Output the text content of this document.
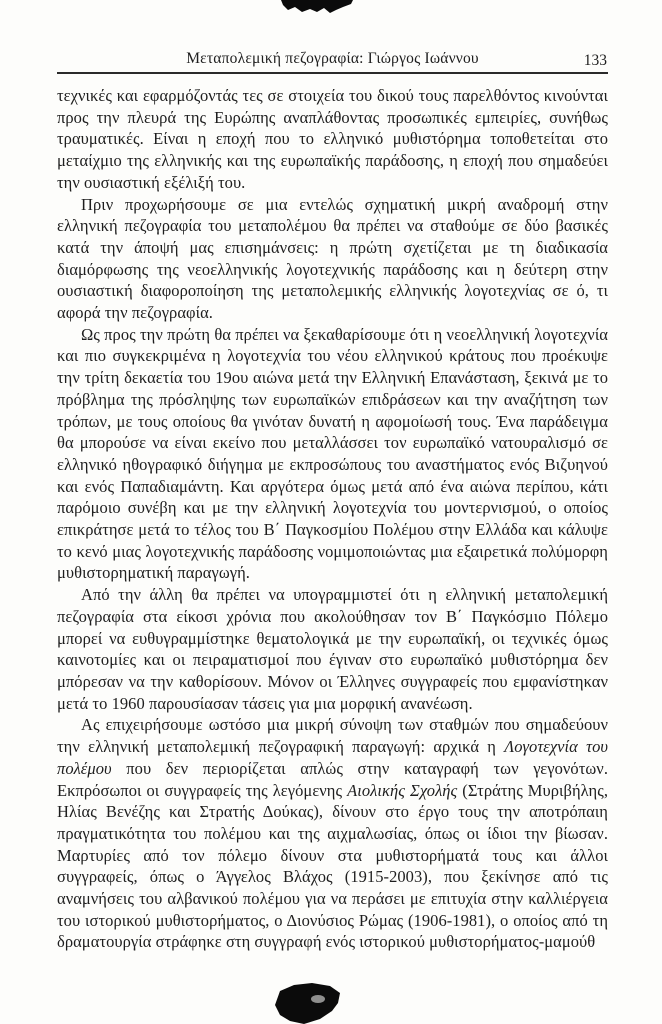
Μεταπολεμική πεζογραφία: Γιώργος Ιωάννου	133

τεχνικές και εφαρμόζοντάς τες σε στοιχεία του δικού τους παρελθόντος κινούνται προς την πλευρά της Ευρώπης αναπλάθοντας προσωπικές εμπειρίες, συνήθως τραυματικές. Είναι η εποχή που το ελληνικό μυθιστόρημα τοποθετείται στο μεταίχμιο της ελληνικής και της ευρωπαϊκής παράδοσης, η εποχή που σημαδεύει την ουσιαστική εξέλιξή του.

Πριν προχωρήσουμε σε μια εντελώς σχηματική μικρή αναδρομή στην ελληνική πεζογραφία του μεταπολέμου θα πρέπει να σταθούμε σε δύο βασικές κατά την άποψή μας επισημάνσεις: η πρώτη σχετίζεται με τη διαδικασία διαμόρφωσης της νεοελληνικής λογοτεχνικής παράδοσης και η δεύτερη στην ουσιαστική διαφοροποίηση της μεταπολεμικής ελληνικής λογοτεχνίας σε ό, τι αφορά την πεζογραφία.

Ως προς την πρώτη θα πρέπει να ξεκαθαρίσουμε ότι η νεοελληνική λογοτεχνία και πιο συγκεκριμένα η λογοτεχνία του νέου ελληνικού κράτους που προέκυψε την τρίτη δεκαετία του 19ου αιώνα μετά την Ελληνική Επανάσταση, ξεκινά με το πρόβλημα της πρόσληψης των ευρωπαϊκών επιδράσεων και την αναζήτηση των τρόπων, με τους οποίους θα γινόταν δυνατή η αφομοίωσή τους. Ένα παράδειγμα θα μπορούσε να είναι εκείνο που μεταλλάσσει τον ευρωπαϊκό νατουραλισμό σε ελληνικό ηθογραφικό διήγημα με εκπροσώπους του αναστήματος ενός Βιζυηνού και ενός Παπαδιαμάντη. Και αργότερα όμως μετά από ένα αιώνα περίπου, κάτι παρόμοιο συνέβη και με την ελληνική λογοτεχνία του μοντερνισμού, ο οποίος επικράτησε μετά το τέλος του Β΄ Παγκοσμίου Πολέμου στην Ελλάδα και κάλυψε το κενό μιας λογοτεχνικής παράδοσης νομιμοποιώντας μια εξαιρετικά πολύμορφη μυθιστορηματική παραγωγή.

Από την άλλη θα πρέπει να υπογραμμιστεί ότι η ελληνική μεταπολεμική πεζογραφία στα είκοσι χρόνια που ακολούθησαν τον Β΄ Παγκόσμιο Πόλεμο μπορεί να ευθυγραμμίστηκε θεματολογικά με την ευρωπαϊκή, οι τεχνικές όμως καινοτομίες και οι πειραματισμοί που έγιναν στο ευρωπαϊκό μυθιστόρημα δεν μπόρεσαν να την καθορίσουν. Μόνον οι Έλληνες συγγραφείς που εμφανίστηκαν μετά το 1960 παρουσίασαν τάσεις για μια μορφική ανανέωση.

Ας επιχειρήσουμε ωστόσο μια μικρή σύνοψη των σταθμών που σημαδεύουν την ελληνική μεταπολεμική πεζογραφική παραγωγή: αρχικά η Λογοτεχνία του πολέμου που δεν περιορίζεται απλώς στην καταγραφή των γεγονότων. Εκπρόσωποι οι συγγραφείς της λεγόμενης Αιολικής Σχολής (Στράτης Μυριβήλης, Ηλίας Βενέζης και Στρατής Δούκας), δίνουν στο έργο τους την αποτρόπαιη πραγματικότητα του πολέμου και της αιχμαλωσίας, όπως οι ίδιοι την βίωσαν. Μαρτυρίες από τον πόλεμο δίνουν στα μυθιστορήματά τους και άλλοι συγγραφείς, όπως ο Άγγελος Βλάχος (1915-2003), που ξεκίνησε από τις αναμνήσεις του αλβανικού πολέμου για να περάσει με επιτυχία στην καλλιέργεια του ιστορικού μυθιστορήματος, ο Διονύσιος Ρώμας (1906-1981), ο οποίος από τη δραματουργία στράφηκε στη συγγραφή ενός ιστορικού μυθιστορήματος-μαμούθ
